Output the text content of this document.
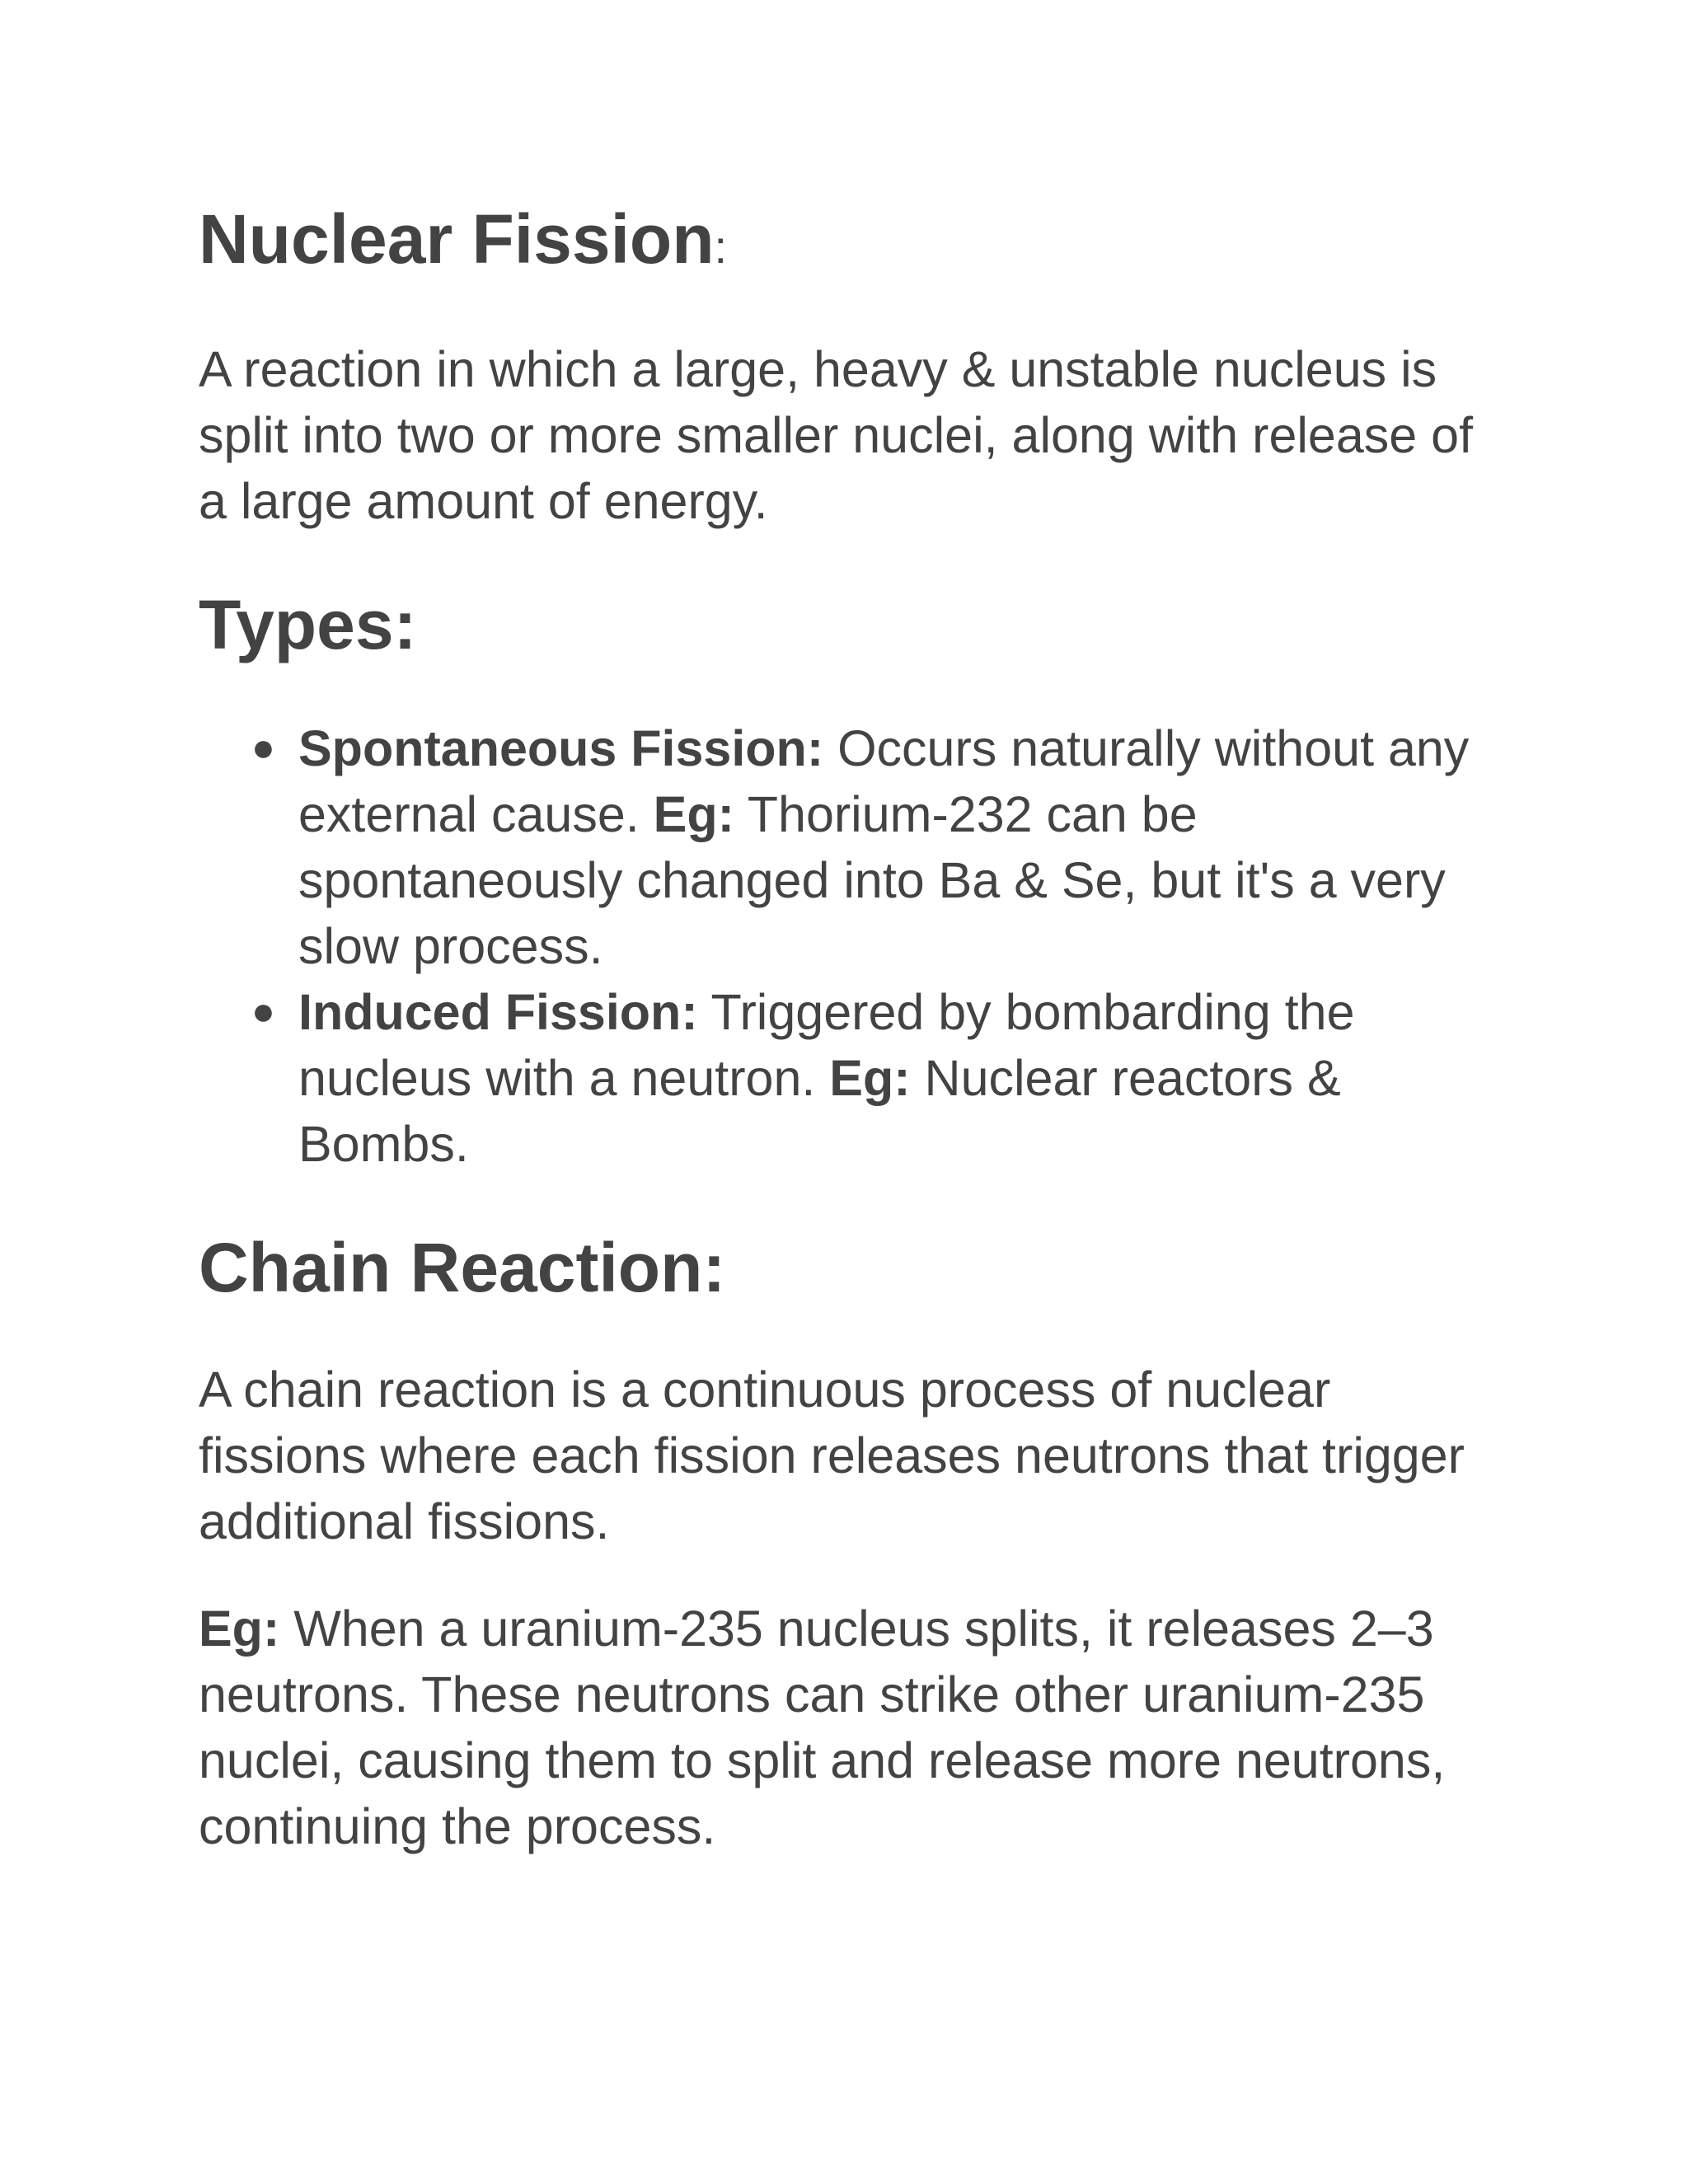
Nuclear Fission:

A reaction in which a large, heavy & unstable nucleus is split into two or more smaller nuclei, along with release of a large amount of energy.

Types:
● Spontaneous Fission: Occurs naturally without any external cause. Eg: Thorium-232 can be spontaneously changed into Ba & Se, but it's a very slow process.
● Induced Fission: Triggered by bombarding the nucleus with a neutron. Eg: Nuclear reactors & Bombs.
Chain Reaction:

A chain reaction is a continuous process of nuclear fissions where each fission releases neutrons that trigger additional fissions.

Eg: When a uranium-235 nucleus splits, it releases 2–3 neutrons. These neutrons can strike other uranium-235 nuclei, causing them to split and release more neutrons, continuing the process.
